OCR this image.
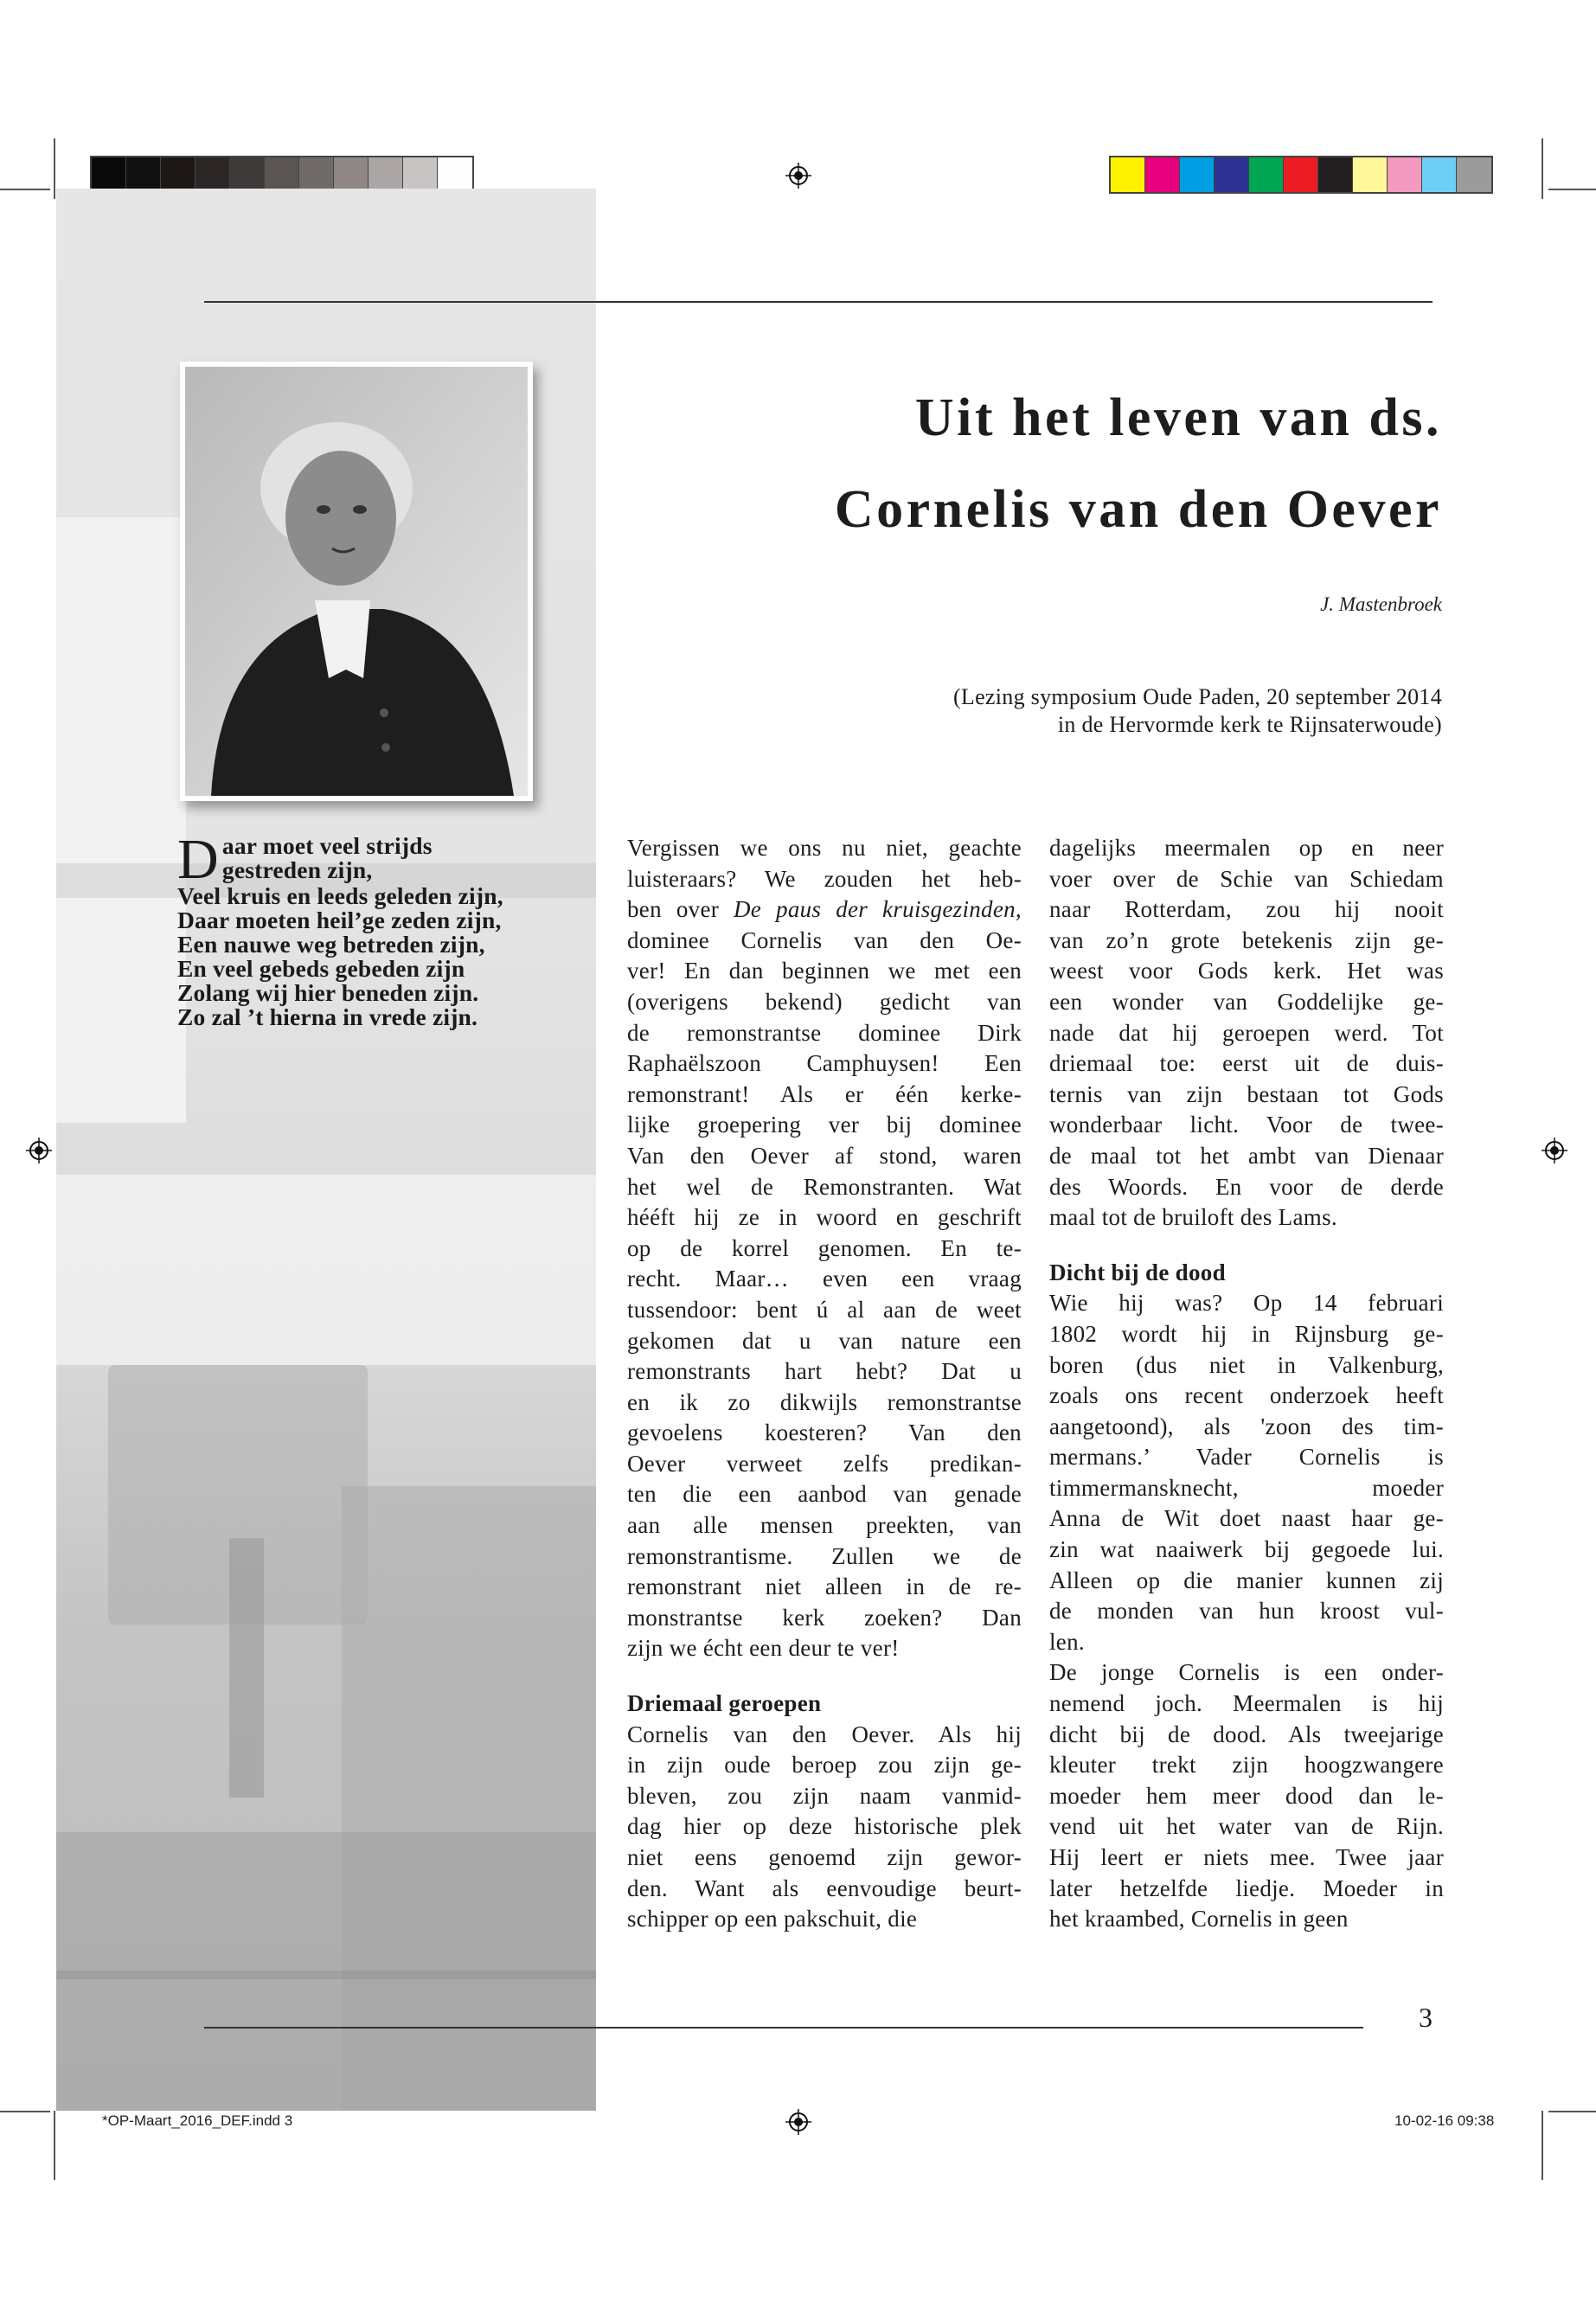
D aar moet veel strijds
gestreden zijn,
Veel kruis en leeds geleden zijn,
Daar moeten heil’ge zeden zijn,
Een nauwe weg betreden zijn,
En veel gebeds gebeden zijn
Zolang wij hier beneden zijn.
Zo zal ’t hierna in vrede zijn.
Uit het leven van ds.
Cornelis van den Oever
J. Mastenbroek
(Lezing symposium Oude Paden, 20 september 2014
in de Hervormde kerk te Rijnsaterwoude)
Vergissen we ons nu niet, geachte
luisteraars? We zouden het heb-
ben over De paus der kruisgezinden,
dominee Cornelis van den Oe-
ver! En dan beginnen we met een
(overigens bekend) gedicht van
de remonstrantse dominee Dirk
Raphaëlszoon Camphuysen! Een
remonstrant! Als er één kerke-
lijke groepering ver bij dominee
Van den Oever af stond, waren
het wel de Remonstranten. Wat
hééft hij ze in woord en geschrift
op de korrel genomen. En te-
recht. Maar… even een vraag
tussendoor: bent ú al aan de weet
gekomen dat u van nature een
remonstrants hart hebt? Dat u
en ik zo dikwijls remonstrantse
gevoelens koesteren? Van den
Oever verweet zelfs predikan-
ten die een aanbod van genade
aan alle mensen preekten, van
remonstrantisme. Zullen we de
remonstrant niet alleen in de re-
monstrantse kerk zoeken? Dan
zijn we écht een deur te ver!
Driemaal geroepen
Cornelis van den Oever. Als hij
in zijn oude beroep zou zijn ge-
bleven, zou zijn naam vanmid-
dag hier op deze historische plek
niet eens genoemd zijn gewor-
den. Want als eenvoudige beurt-
schipper op een pakschuit, die
dagelijks meermalen op en neer
voer over de Schie van Schiedam
naar Rotterdam, zou hij nooit
van zo’n grote betekenis zijn ge-
weest voor Gods kerk. Het was
een wonder van Goddelijke ge-
nade dat hij geroepen werd. Tot
driemaal toe: eerst uit de duis-
ternis van zijn bestaan tot Gods
wonderbaar licht. Voor de twee-
de maal tot het ambt van Dienaar
des Woords. En voor de derde
maal tot de bruiloft des Lams.
Dicht bij de dood
Wie hij was? Op 14 februari
1802 wordt hij in Rijnsburg ge-
boren (dus niet in Valkenburg,
zoals ons recent onderzoek heeft
aangetoond), als 'zoon des tim-
mermans.’ Vader Cornelis is
timmermansknecht, moeder
Anna de Wit doet naast haar ge-
zin wat naaiwerk bij gegoede lui.
Alleen op die manier kunnen zij
de monden van hun kroost vul-
len.
De jonge Cornelis is een onder-
nemend joch. Meermalen is hij
dicht bij de dood. Als tweejarige
kleuter trekt zijn hoogzwangere
moeder hem meer dood dan le-
vend uit het water van de Rijn.
Hij leert er niets mee. Twee jaar
later hetzelfde liedje. Moeder in
het kraambed, Cornelis in geen
3
*OP-Maart_2016_DEF.indd 3	10-02-16 09:38
